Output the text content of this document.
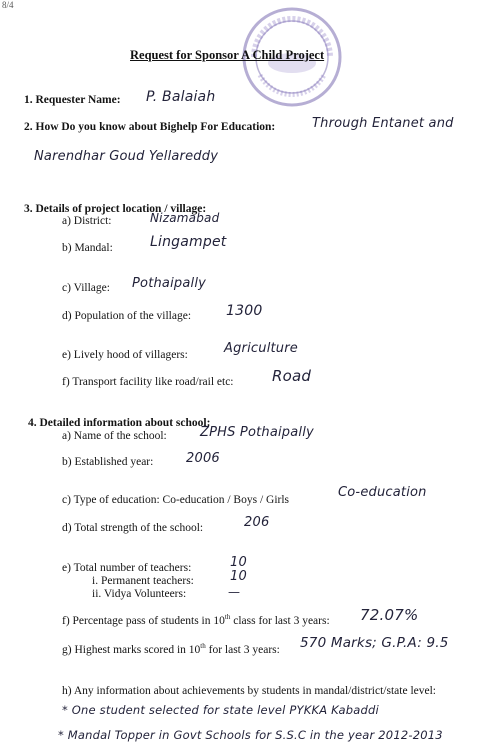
8/4
Request for Sponsor A Child Project
1. Requester Name: P. Balaiah
2. How Do you know about Bighelp For Education:	Through Entanet and
Narendhar Goud Yellareddy
3. Details of project location / village:
a) District:	Nizamabad
b) Mandal:	Lingampet
c) Village: Pothaipally
d) Population of the village: 1300
e) Lively hood of villagers:	Agriculture
f) Transport facility like road/rail etc:	Road
4. Detailed information about school:
a) Name of the school:	ZPHS Pothaipally
b) Established year:	2006
c) Type of education: Co-education / Boys / Girls	Co-education
d) Total strength of the school:	206
e) Total number of teachers:	10
i. Permanent teachers:	10
ii. Vidya Volunteers:	—
f) Percentage pass of students in 10th class for last 3 years: 72.07%
g) Highest marks scored in 10th for last 3 years: 570 Marks; G.P.A: 9.5
h) Any information about achievements by students in mandal/district/state level:
* One student selected for state level PYKKA Kabaddi
* Mandal Topper in Govt Schools for S.S.C in the year 2012-2013
